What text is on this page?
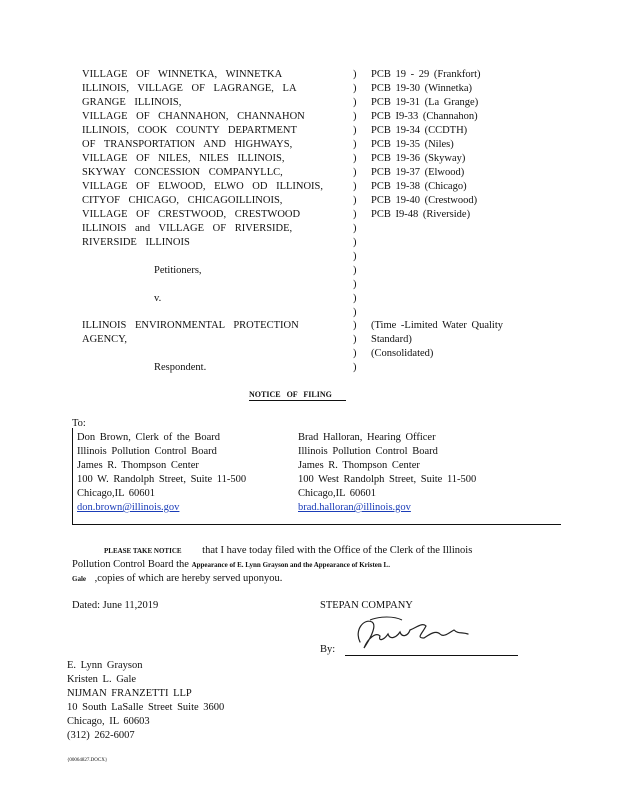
VILLAGE OF WINNETKA, WINNETKA
ILLINOIS, VILLAGE OF LAGRANGE, LA
GRANGE ILLINOIS,
VILLAGE OF CHANNAHON, CHANNAHON
ILLINOIS, COOK COUNTY DEPARTMENT
OF TRANSPORTATION AND HIGHWAYS,
VILLAGE OF NILES, NILES ILLINOIS,
SKYWAY CONCESSION COMPANYLLC,
VILLAGE OF ELWOOD, ELWO OD ILLINOIS,
CITYOF CHICAGO, CHICAGOILLINOIS,
VILLAGE OF CRESTWOOD, CRESTWOOD
ILLINOIS and VILLAGE OF RIVERSIDE,
RIVERSIDE ILLINOIS
Petitioners,
v.
ILLINOIS ENVIRONMENTAL PROTECTION
AGENCY,
Respondent.
)
)
)
)
)
)
)
)
)
)
)
)
)
)
)
)
)
)
)
)
)
)
PCB 19 - 29 (Frankfort)
PCB 19-30 (Winnetka)
PCB 19-31 (La Grange)
PCB I9-33 (Channahon)
PCB 19-34 (CCDTH)
PCB 19-35 (Niles)
PCB 19-36 (Skyway)
PCB 19-37 (Elwood)
PCB 19-38 (Chicago)
PCB 19-40 (Crestwood)
PCB I9-48 (Riverside)
(Time -Limited Water Quality
Standard)
(Consolidated)
NOTICE OF FILING
To:
Don Brown, Clerk of the Board
Illinois Pollution Control Board
James R. Thompson Center
100 W. Randolph Street, Suite 11-500
Chicago,IL 60601
don.brown@illinois.gov
Brad Halloran, Hearing Officer
Illinois Pollution Control Board
James R. Thompson Center
100 West Randolph Street, Suite 11-500
Chicago,IL 60601
brad.halloran@illinois.gov
PLEASE TAKE NOTICE that I have today filed with the Office of the Clerk of the Illinois
Pollution Control Board the Appearance of E. Lynn Grayson and the Appearance of Kristen L.
Gale ,copies of which are hereby served uponyou.
Dated: June 11,2019	STEPAN COMPANY
By:
E. Lynn Grayson
Kristen L. Gale
NIJMAN FRANZETTI LLP
10 South LaSalle Street Suite 3600
Chicago, IL 60603
(312) 262-6007
{00064827.DOCX}
